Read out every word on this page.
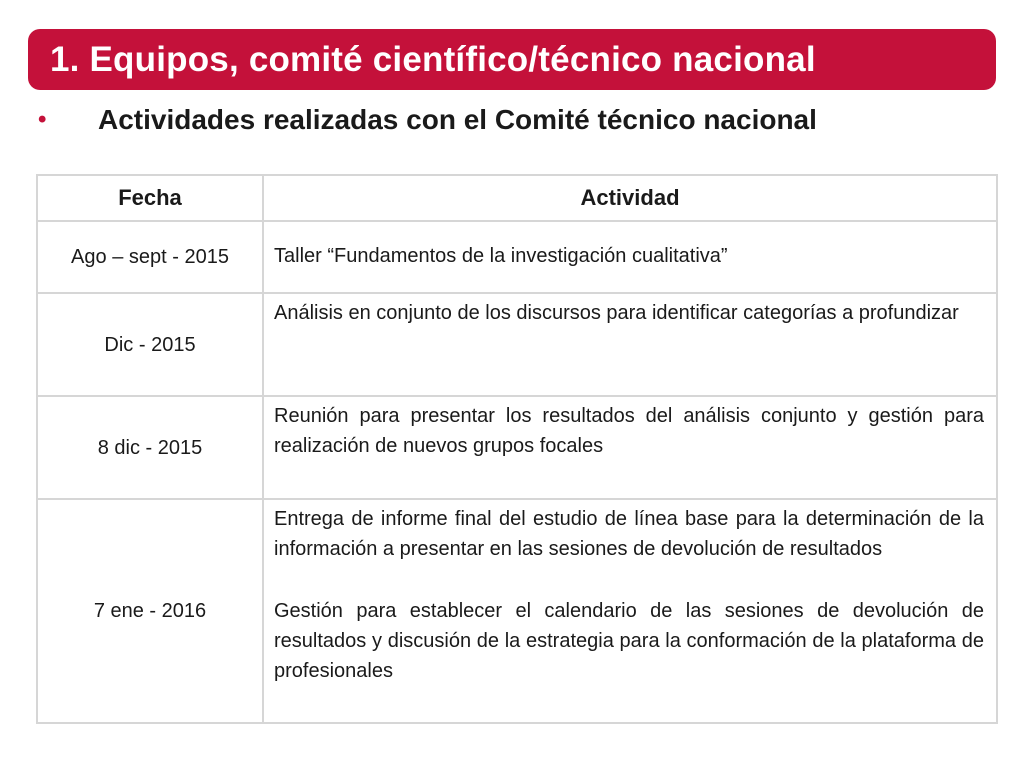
1. Equipos, comité científico/técnico nacional
•	Actividades realizadas con el Comité técnico nacional
Fecha	Actividad
Ago – sept - 2015	Taller “Fundamentos de la investigación cualitativa”

Dic - 2015	Análisis en conjunto de los discursos para identificar categorías a profundizar

8 dic - 2015	Reunión para presentar los resultados del análisis conjunto y gestión para realización de nuevos grupos focales

7 ene - 2016	Entrega de informe final del estudio de línea base para la determinación de la información a presentar en las sesiones de devolución de resultados

Gestión para establecer el calendario de las sesiones de devolución de resultados y discusión de la estrategia para la conformación de la plataforma de profesionales
